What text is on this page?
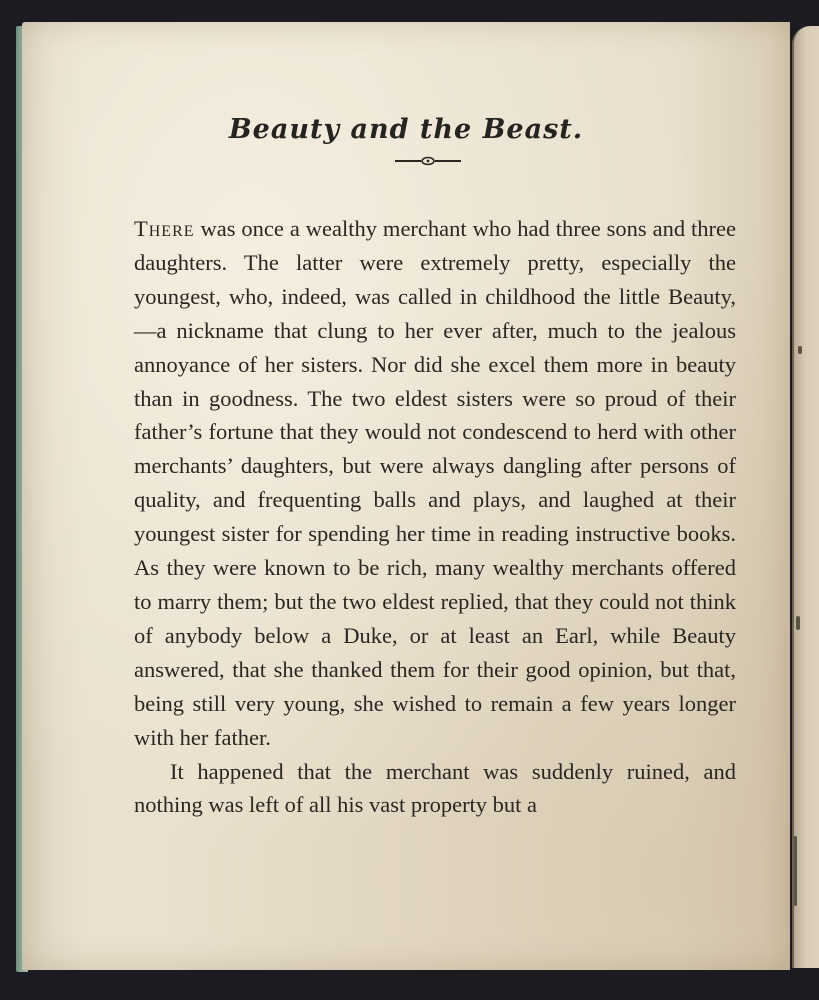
Beauty and the Beast.

There was once a wealthy merchant who had three sons and three daughters. The latter were extremely pretty, especially the youngest, who, indeed, was called in childhood the little Beauty,—a nickname that clung to her ever after, much to the jealous annoyance of her sisters. Nor did she excel them more in beauty than in goodness. The two eldest sisters were so proud of their father’s fortune that they would not condescend to herd with other merchants’ daughters, but were always dangling after persons of quality, and frequenting balls and plays, and laughed at their youngest sister for spending her time in reading instructive books. As they were known to be rich, many wealthy merchants offered to marry them; but the two eldest replied, that they could not think of anybody below a Duke, or at least an Earl, while Beauty answered, that she thanked them for their good opinion, but that, being still very young, she wished to remain a few years longer with her father.

It happened that the merchant was suddenly ruined, and nothing was left of all his vast property but a
